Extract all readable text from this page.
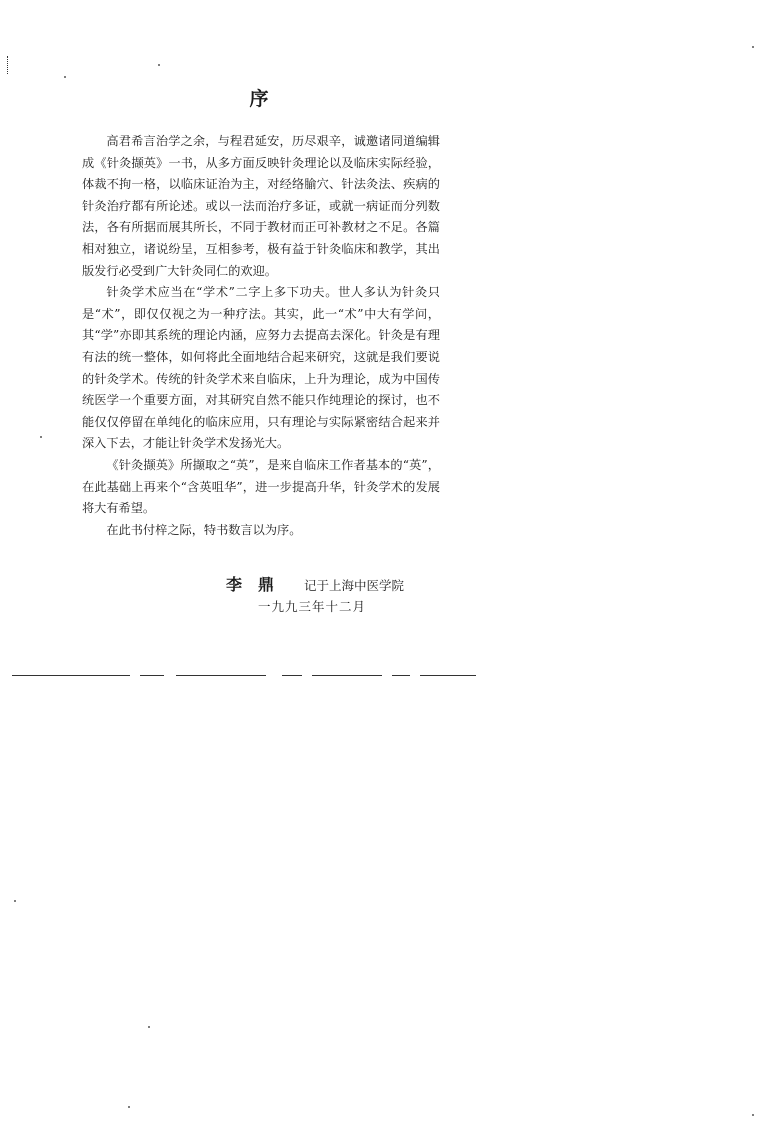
序

高君希言治学之余，与程君延安，历尽艰辛，诚邀诸同道编辑成《针灸撷英》一书，从多方面反映针灸理论以及临床实际经验，体裁不拘一格，以临床证治为主，对经络腧穴、针法灸法、疾病的针灸治疗都有所论述。或以一法而治疗多证，或就一病证而分列数法，各有所据而展其所长，不同于教材而正可补教材之不足。各篇相对独立，诸说纷呈，互相参考，极有益于针灸临床和教学，其出版发行必受到广大针灸同仁的欢迎。

针灸学术应当在“学术”二字上多下功夫。世人多认为针灸只是“术”，即仅仅视之为一种疗法。其实，此一“术”中大有学问，其“学”亦即其系统的理论内涵，应努力去提高去深化。针灸是有理有法的统一整体，如何将此全面地结合起来研究，这就是我们要说的针灸学术。传统的针灸学术来自临床，上升为理论，成为中国传统医学一个重要方面，对其研究自然不能只作纯理论的探讨，也不能仅仅停留在单纯化的临床应用，只有理论与实际紧密结合起来并深入下去，才能让针灸学术发扬光大。

《针灸撷英》所撷取之“英”，是来自临床工作者基本的“英”，在此基础上再来个“含英咀华”，进一步提高升华，针灸学术的发展将大有希望。

在此书付梓之际，特书数言以为序。

李鼎 记于上海中医学院
一九九三年十二月
